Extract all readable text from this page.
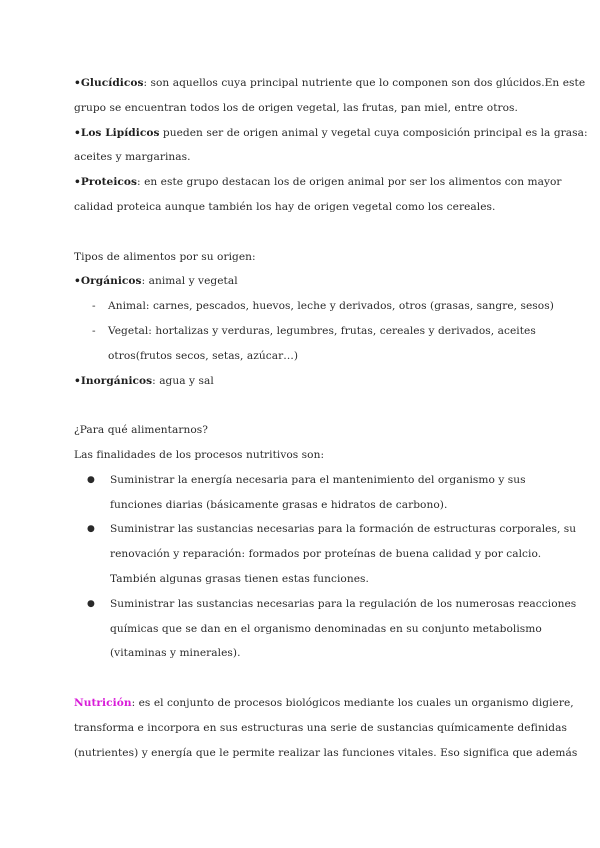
•Glucídicos: son aquellos cuya principal nutriente que lo componen son dos glúcidos.En este
grupo se encuentran todos los de origen vegetal, las frutas, pan miel, entre otros.
•Los Lipídicos pueden ser de origen animal y vegetal cuya composición principal es la grasa:
aceites y margarinas.
•Proteicos: en este grupo destacan los de origen animal por ser los alimentos con mayor
calidad proteica aunque también los hay de origen vegetal como los cereales.
Tipos de alimentos por su origen:
•Orgánicos: animal y vegetal
- Animal: carnes, pescados, huevos, leche y derivados, otros (grasas, sangre, sesos)
- Vegetal: hortalizas y verduras, legumbres, frutas, cereales y derivados, aceites
otros(frutos secos, setas, azúcar…)
•Inorgánicos: agua y sal
¿Para qué alimentarnos?
Las finalidades de los procesos nutritivos son:
● Suministrar la energía necesaria para el mantenimiento del organismo y sus
funciones diarias (básicamente grasas e hidratos de carbono).
● Suministrar las sustancias necesarias para la formación de estructuras corporales, su
renovación y reparación: formados por proteínas de buena calidad y por calcio.
También algunas grasas tienen estas funciones.
● Suministrar las sustancias necesarias para la regulación de los numerosas reacciones
químicas que se dan en el organismo denominadas en su conjunto metabolismo
(vitaminas y minerales).
Nutrición: es el conjunto de procesos biológicos mediante los cuales un organismo digiere,
transforma e incorpora en sus estructuras una serie de sustancias químicamente definidas
(nutrientes) y energía que le permite realizar las funciones vitales. Eso significa que además
